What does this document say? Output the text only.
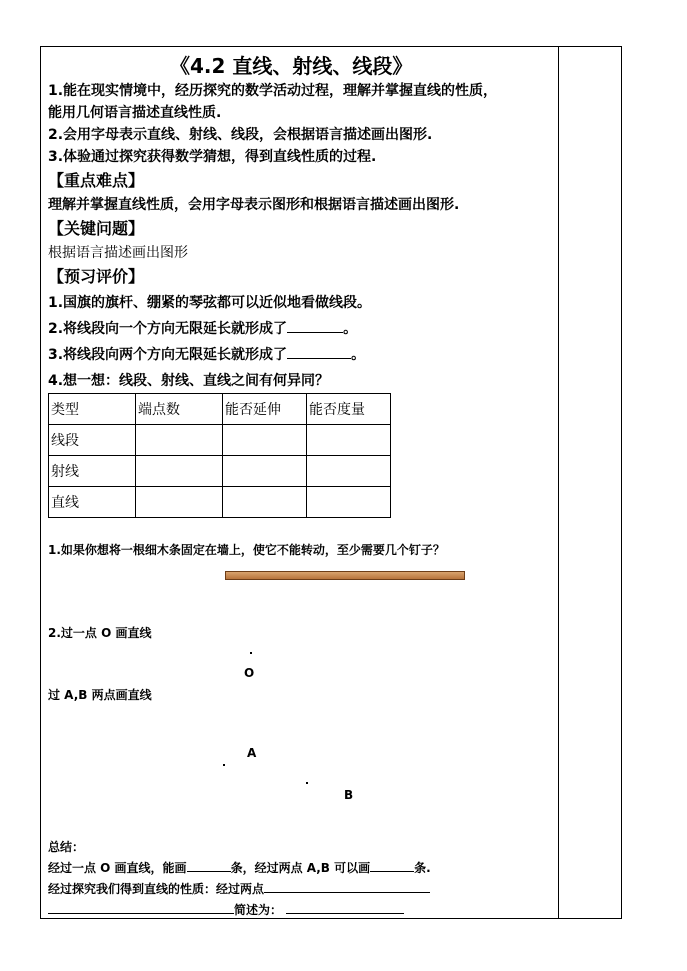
《4.2 直线、射线、线段》
1.能在现实情境中，经历探究的数学活动过程，理解并掌握直线的性质，
能用几何语言描述直线性质.
2.会用字母表示直线、射线、线段，会根据语言描述画出图形.
3.体验通过探究获得数学猜想，得到直线性质的过程.
【重点难点】
理解并掌握直线性质，会用字母表示图形和根据语言描述画出图形.
【关键问题】
根据语言描述画出图形
【预习评价】
1.国旗的旗杆、绷紧的琴弦都可以近似地看做线段。
2.将线段向一个方向无限延长就形成了	。
3.将线段向两个方向无限延长就形成了	。
4.想一想：线段、射线、直线之间有何异同？
类型	端点数	能否延伸	能否度量
线段			
射线			
直线			
1.如果你想将一根细木条固定在墙上，使它不能转动，至少需要几个钉子？
2.过一点 O 画直线
O
过 A,B 两点画直线
A
B
总结：
经过一点 O 画直线，能画	条，经过两点 A,B 可以画	条.
经过探究我们得到直线的性质：经过两点
简述为：
